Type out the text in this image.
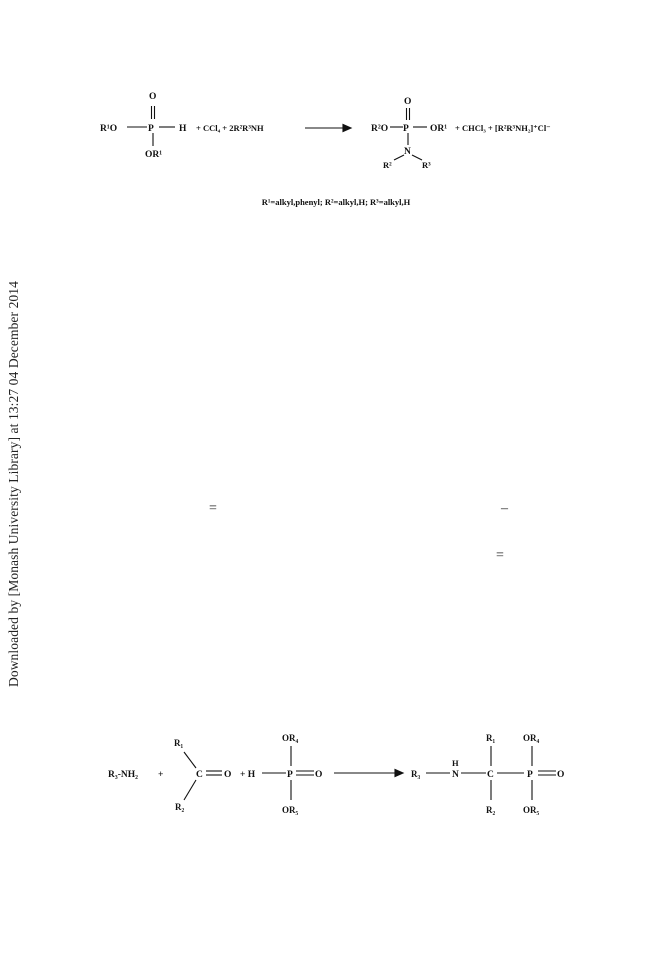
Downloaded by [Monash University Library] at 13:27 04 December 2014
R¹O	P
O
H
OR¹
+ CCl₄ + 2R²R³NH	R²O P
O
OR¹
N
R²	R³
+ CHCl₃ + [R²R³NH₂]⁺Cl⁻
R¹=alkyl,phenyl; R²=alkyl,H; R³=alkyl,H
=	–
=
R₃-NH₂ +
R₁
R₂
C O + H	P O
OR₄
OR₅
R₃
H
N	C
R₁
R₂
P	O
OR₄
OR₅
